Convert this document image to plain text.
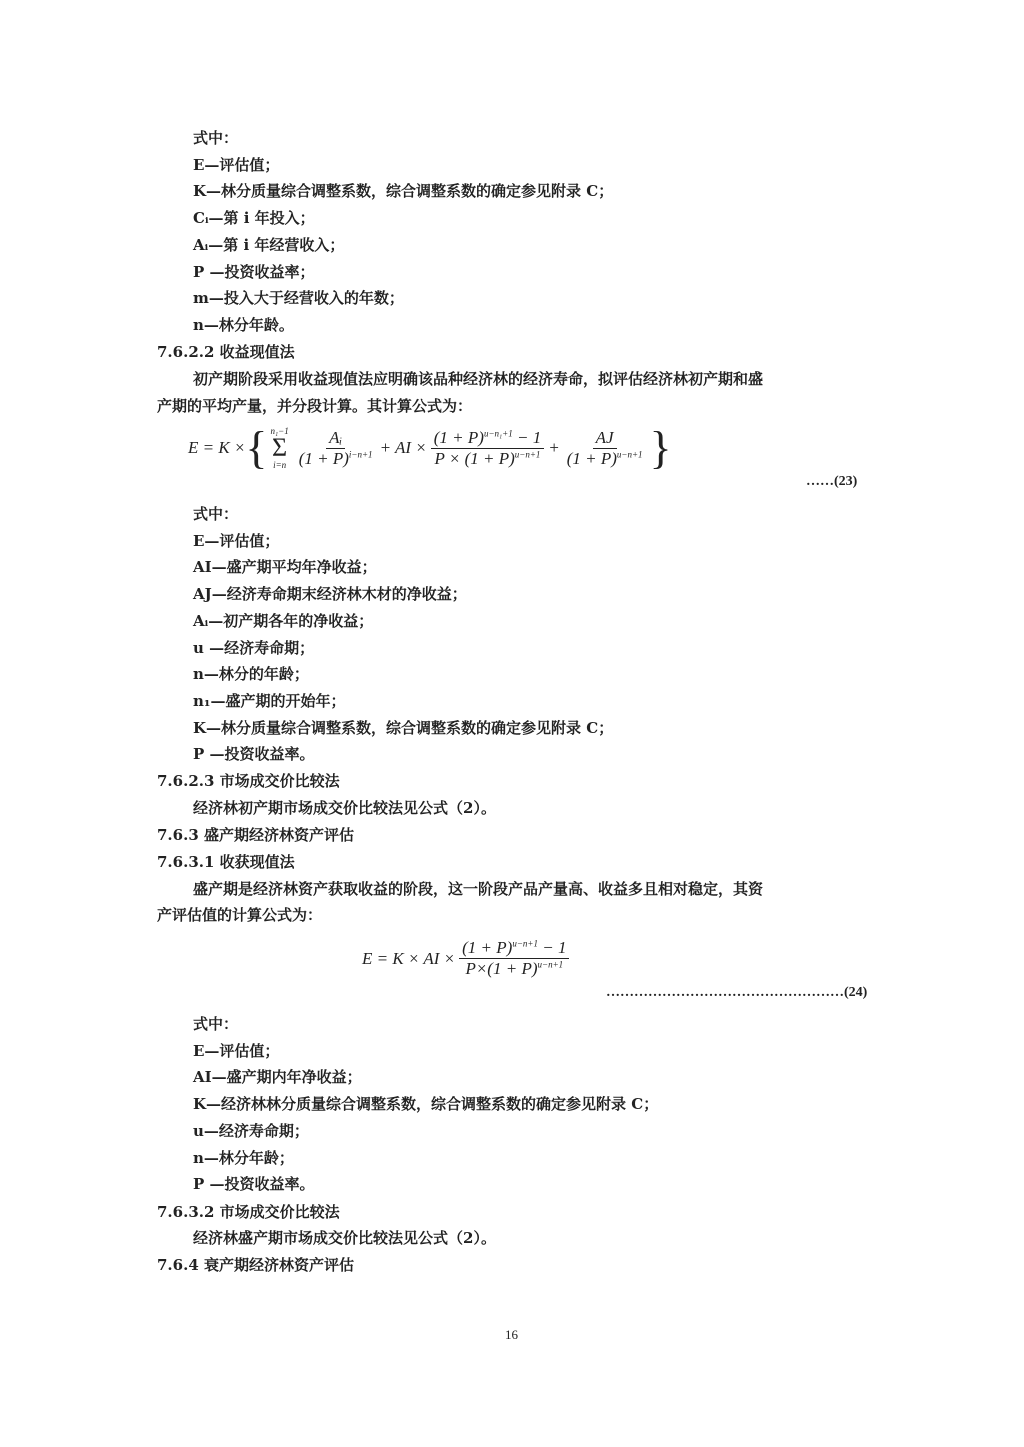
式中：
E—评估值；
K—林分质量综合调整系数，综合调整系数的确定参见附录 C；
Cᵢ—第 i 年投入；
Aᵢ—第 i 年经营收入；
P —投资收益率；
m—投入大于经营收入的年数；
n—林分年龄。
7.6.2.2 收益现值法
初产期阶段采用收益现值法应明确该品种经济林的经济寿命，拟评估经济林初产期和盛
产期的平均产量，并分段计算。其计算公式为：
E = K × { n₁−1
Σ
$i=n \frac{\text{Aᵢ}}{(1 + P)^{i-n+1}}$ + AI × $\frac{(1 + P)^{u-n_1+1} - 1}{P \times (1 + P)^{u-n+1}} + \frac{AJ}{(1 + P)^{u-n+1}}$ }
……(23)
式中：
E—评估值；
AI—盛产期平均年净收益；
AJ—经济寿命期末经济林木材的净收益；
Aᵢ—初产期各年的净收益；
u —经济寿命期；
n—林分的年龄；
n₁—盛产期的开始年；
K—林分质量综合调整系数，综合调整系数的确定参见附录 C；
P —投资收益率。
7.6.2.3 市场成交价比较法
经济林初产期市场成交价比较法见公式（2）。
7.6.3 盛产期经济林资产评估
7.6.3.1 收获现值法
盛产期是经济林资产获取收益的阶段，这一阶段产品产量高、收益多且相对稳定，其资
产评估值的计算公式为：
E = K × AI × $\frac{(1 + P)^{u-n+1} - 1}{P\times(1 + P)^{u-n+1}}$
……………………………………………(24)
式中：
E—评估值；
AI—盛产期内年净收益；
K—经济林林分质量综合调整系数，综合调整系数的确定参见附录 C；
u—经济寿命期；
n—林分年龄；
P —投资收益率。
7.6.3.2 市场成交价比较法
经济林盛产期市场成交价比较法见公式（2）。
7.6.4 衰产期经济林资产评估
16
